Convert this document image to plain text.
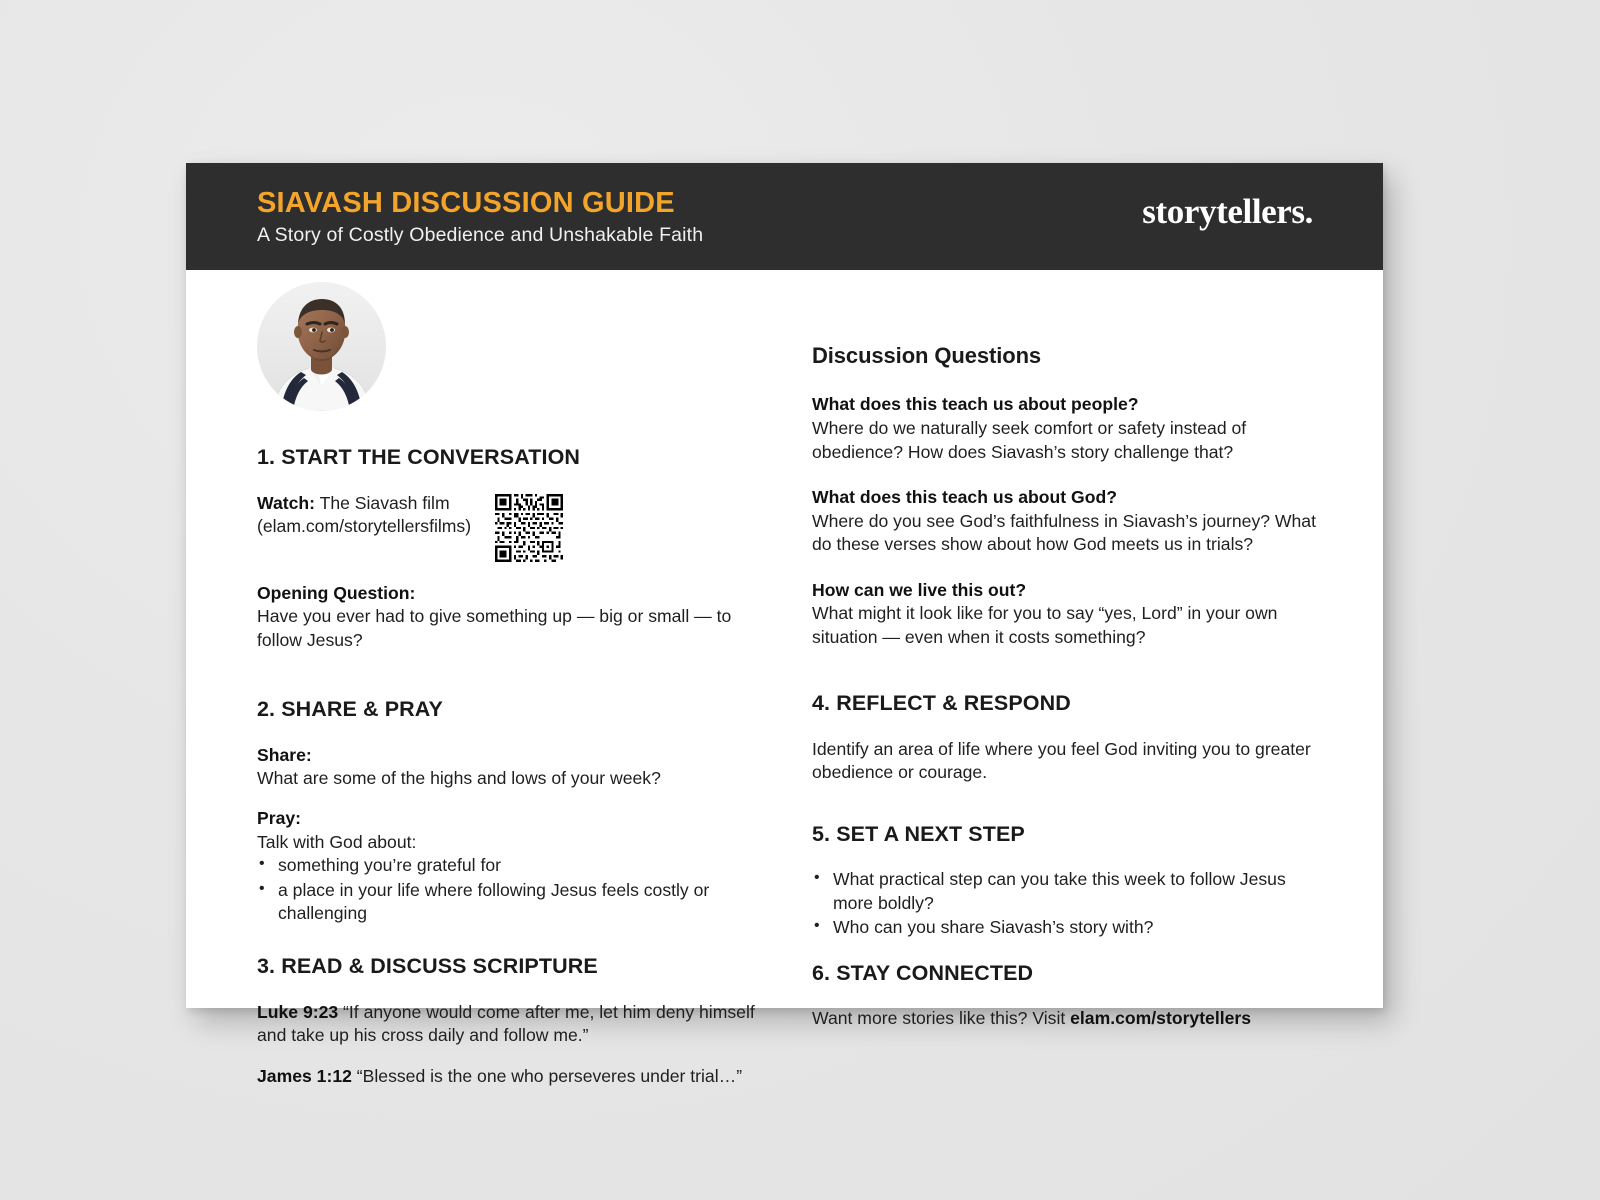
SIAVASH DISCUSSION GUIDE
A Story of Costly Obedience and Unshakable Faith
storytellers.
1. START THE CONVERSATION
Watch: The Siavash film
(elam.com/storytellersfilms)

Opening Question:
Have you ever had to give something up — big or small — to follow Jesus?

2. SHARE & PRAY

Share:
What are some of the highs and lows of your week?

Pray:
Talk with God about:

• something you’re grateful for
• a place in your life where following Jesus feels costly or challenging
3. READ & DISCUSS SCRIPTURE

Luke 9:23 “If anyone would come after me, let him deny himself and take up his cross daily and follow me.”

James 1:12 “Blessed is the one who perseveres under trial…”

Discussion Questions

What does this teach us about people?

Where do we naturally seek comfort or safety instead of obedience? How does Siavash’s story challenge that?

What does this teach us about God?

Where do you see God’s faithfulness in Siavash’s journey? What do these verses show about how God meets us in trials?

How can we live this out?

What might it look like for you to say “yes, Lord” in your own situation — even when it costs something?

4. REFLECT & RESPOND

Identify an area of life where you feel God inviting you to greater obedience or courage.

5. SET A NEXT STEP
• What practical step can you take this week to follow Jesus more boldly?
• Who can you share Siavash’s story with?
6. STAY CONNECTED

Want more stories like this? Visit elam.com/storytellers
